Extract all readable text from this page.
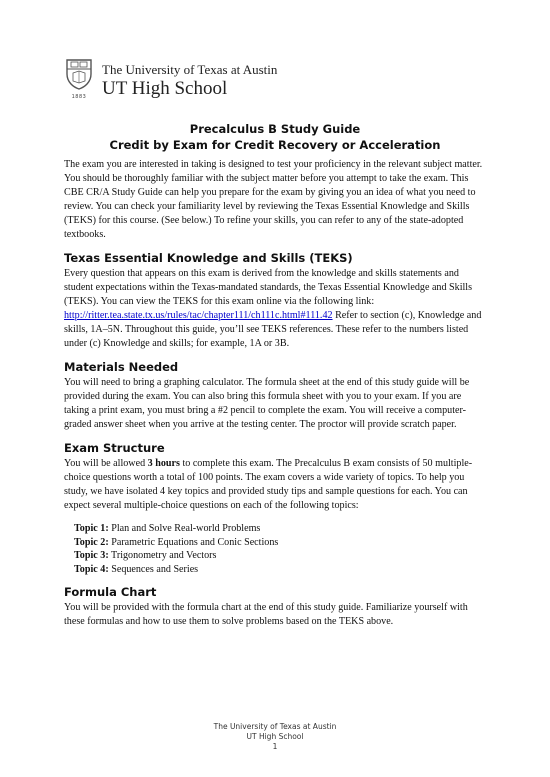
1883
The University of Texas at Austin
UT High School
Precalculus B Study Guide
Credit by Exam for Credit Recovery or Acceleration

The exam you are interested in taking is designed to test your proficiency in the relevant subject matter. You should be thoroughly familiar with the subject matter before you attempt to take the exam. This CBE CR/A Study Guide can help you prepare for the exam by giving you an idea of what you need to review. You can check your familiarity level by reviewing the Texas Essential Knowledge and Skills (TEKS) for this course. (See below.) To refine your skills, you can refer to any of the state-adopted textbooks.

Texas Essential Knowledge and Skills (TEKS)

Every question that appears on this exam is derived from the knowledge and skills statements and student expectations within the Texas-mandated standards, the Texas Essential Knowledge and Skills (TEKS). You can view the TEKS for this exam online via the following link: http://ritter.tea.state.tx.us/rules/tac/chapter111/ch111c.html#111.42 Refer to section (c), Knowledge and skills, 1A–5N. Throughout this guide, you’ll see TEKS references. These refer to the numbers listed under (c) Knowledge and skills; for example, 1A or 3B.

Materials Needed

You will need to bring a graphing calculator. The formula sheet at the end of this study guide will be provided during the exam. You can also bring this formula sheet with you to your exam. If you are taking a print exam, you must bring a #2 pencil to complete the exam. You will receive a computer-graded answer sheet when you arrive at the testing center. The proctor will provide scratch paper.

Exam Structure

You will be allowed 3 hours to complete this exam. The Precalculus B exam consists of 50 multiple-choice questions worth a total of 100 points. The exam covers a wide variety of topics. To help you study, we have isolated 4 key topics and provided study tips and sample questions for each. You can expect several multiple-choice questions on each of the following topics:

Topic 1: Plan and Solve Real-world Problems
Topic 2: Parametric Equations and Conic Sections
Topic 3: Trigonometry and Vectors
Topic 4: Sequences and Series
Formula Chart

You will be provided with the formula chart at the end of this study guide. Familiarize yourself with these formulas and how to use them to solve problems based on the TEKS above.

The University of Texas at Austin
UT High School
1
